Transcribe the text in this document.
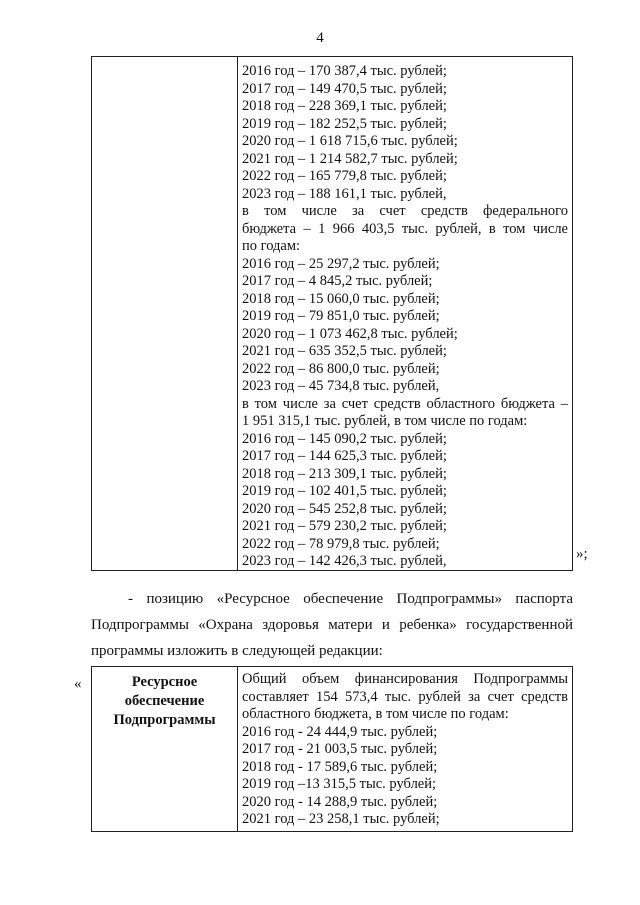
4
2016 год – 170 387,4 тыс. рублей;
2017 год – 149 470,5 тыс. рублей;
2018 год – 228 369,1 тыс. рублей;
2019 год – 182 252,5 тыс. рублей;
2020 год – 1 618 715,6 тыс. рублей;
2021 год – 1 214 582,7 тыс. рублей;
2022 год – 165 779,8 тыс. рублей;
2023 год – 188 161,1 тыс. рублей,
в том числе за счет средств федерального
бюджета – 1 966 403,5 тыс. рублей, в том числе
по годам:
2016 год – 25 297,2 тыс. рублей;
2017 год – 4 845,2 тыс. рублей;
2018 год – 15 060,0 тыс. рублей;
2019 год – 79 851,0 тыс. рублей;
2020 год – 1 073 462,8 тыс. рублей;
2021 год – 635 352,5 тыс. рублей;
2022 год – 86 800,0 тыс. рублей;
2023 год – 45 734,8 тыс. рублей,
в том числе за счет средств областного бюджета –
1 951 315,1 тыс. рублей, в том числе по годам:
2016 год – 145 090,2 тыс. рублей;
2017 год – 144 625,3 тыс. рублей;
2018 год – 213 309,1 тыс. рублей;
2019 год – 102 401,5 тыс. рублей;
2020 год – 545 252,8 тыс. рублей;
2021 год – 579 230,2 тыс. рублей;
2022 год – 78 979,8 тыс. рублей;
2023 год – 142 426,3 тыс. рублей,	»;
- позицию «Ресурсное обеспечение Подпрограммы» паспорта
Подпрограммы «Охрана здоровья матери и ребенка» государственной
программы изложить в следующей редакции:
«	Ресурсное
обеспечение
Подпрограммы
Общий объем финансирования Подпрограммы
составляет 154 573,4 тыс. рублей за счет средств
областного бюджета, в том числе по годам:
2016 год - 24 444,9 тыс. рублей;
2017 год - 21 003,5 тыс. рублей;
2018 год - 17 589,6 тыс. рублей;
2019 год –13 315,5 тыс. рублей;
2020 год - 14 288,9 тыс. рублей;
2021 год – 23 258,1 тыс. рублей;
